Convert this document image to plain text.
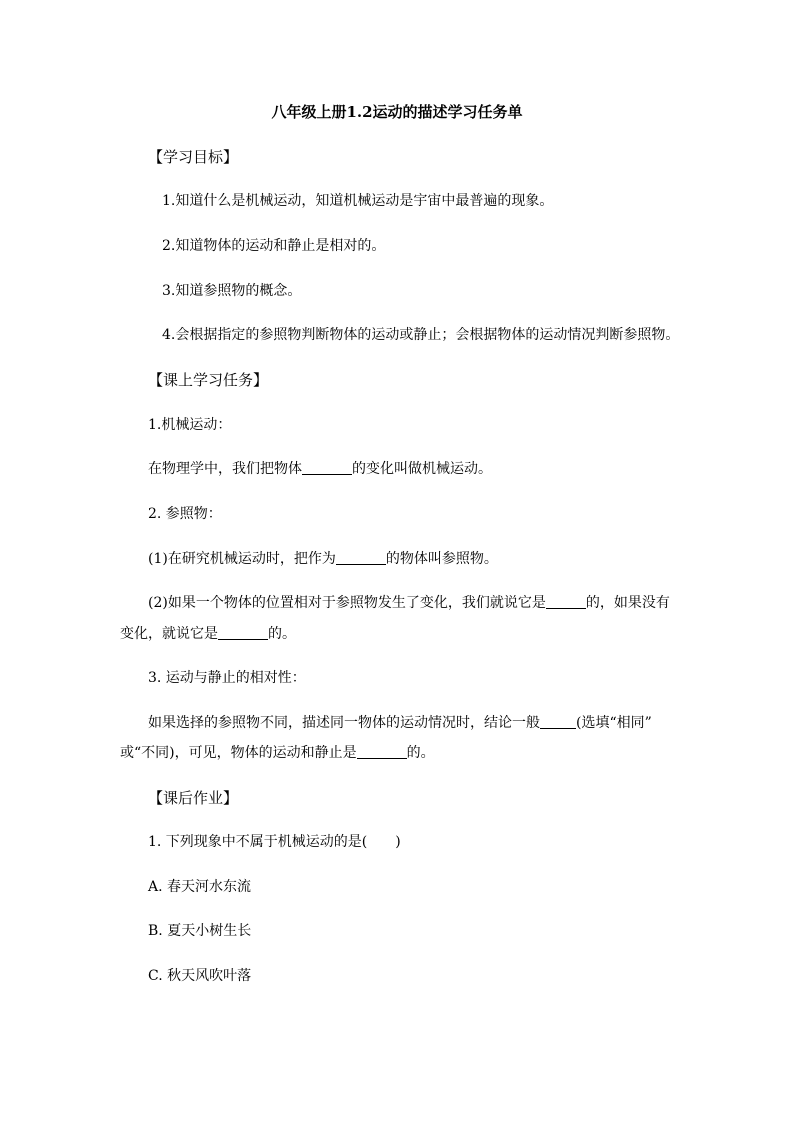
八年级上册1.2运动的描述学习任务单
【学习目标】
1.知道什么是机械运动，知道机械运动是宇宙中最普遍的现象。
2.知道物体的运动和静止是相对的。
3.知道参照物的概念。
4.会根据指定的参照物判断物体的运动或静止；会根据物体的运动情况判断参照物。
【课上学习任务】
1.机械运动：
在物理学中，我们把物体	的变化叫做机械运动。
2. 参照物：
(1)在研究机械运动时，把作为	的物体叫参照物。
(2)如果一个物体的位置相对于参照物发生了变化，我们就说它是	的，如果没有
变化，就说它是	的。
3. 运动与静止的相对性：
如果选择的参照物不同，描述同一物体的运动情况时，结论一般	(选填“相同”
或“不同)，可见，物体的运动和静止是	的。
【课后作业】
1. 下列现象中不属于机械运动的是( )
A. 春天河水东流
B. 夏天小树生长
C. 秋天风吹叶落
